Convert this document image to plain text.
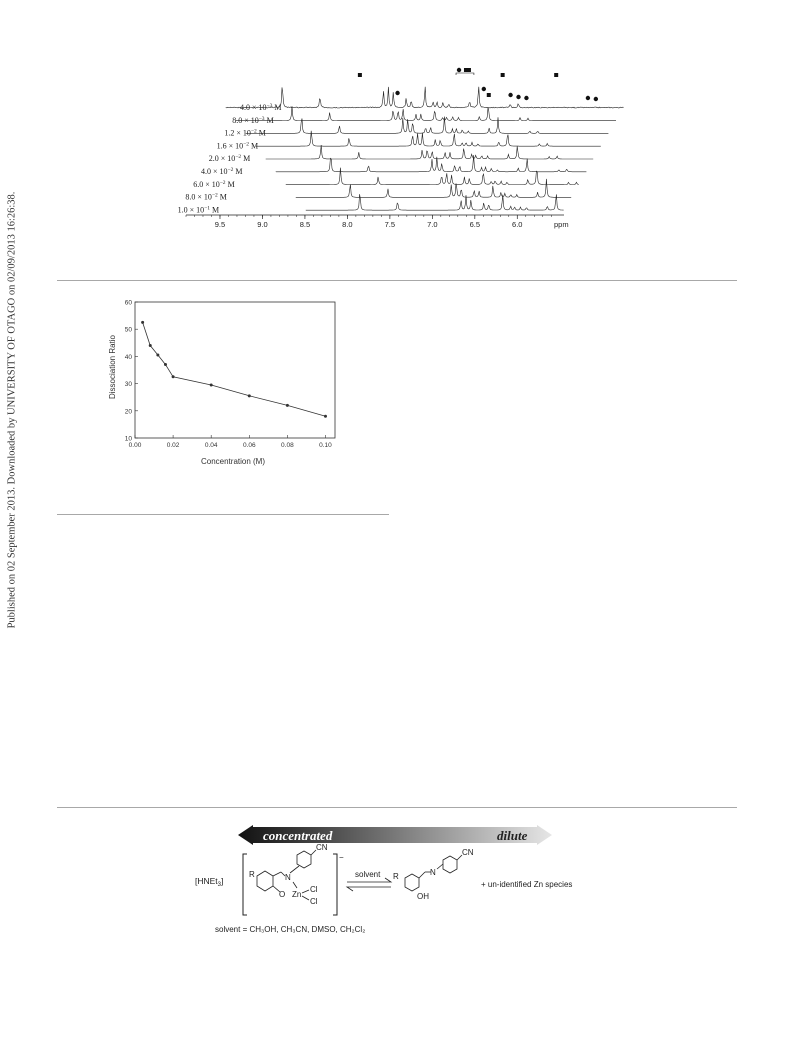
Published on 02 September 2013. Downloaded by UNIVERSITY OF OTAGO on 02/09/2013 16:26:38.
$4.0 \times 10^{-3}$ M
$8.0 \times 10^{-3}$ M
$1.2 \times 10^{-2}$ M
$1.6 \times 10^{-2}$ M
$2.0 \times 10^{-2}$ M
$4.0 \times 10^{-2}$ M
$6.0 \times 10^{-2}$ M
$8.0 \times 10^{-2}$ M
$1.0 \times 10^{-1}$ M
9.5	9.0	8.5	8.0	7.5	7.0	6.5	6.0	ppm
10
20
30
40
50
60
0.00	0.02	0.04	0.06	0.08	0.10
Dissociation Ratio
Concentration (M)
concentrated	dilute
[HNEt$_3$]
−
R	N
O Zn
Cl
Cl
CN
solvent R	N
OH
CN
+ un-identified Zn species
solvent = CH₃OH, CH₃CN, DMSO, CH₂Cl₂
